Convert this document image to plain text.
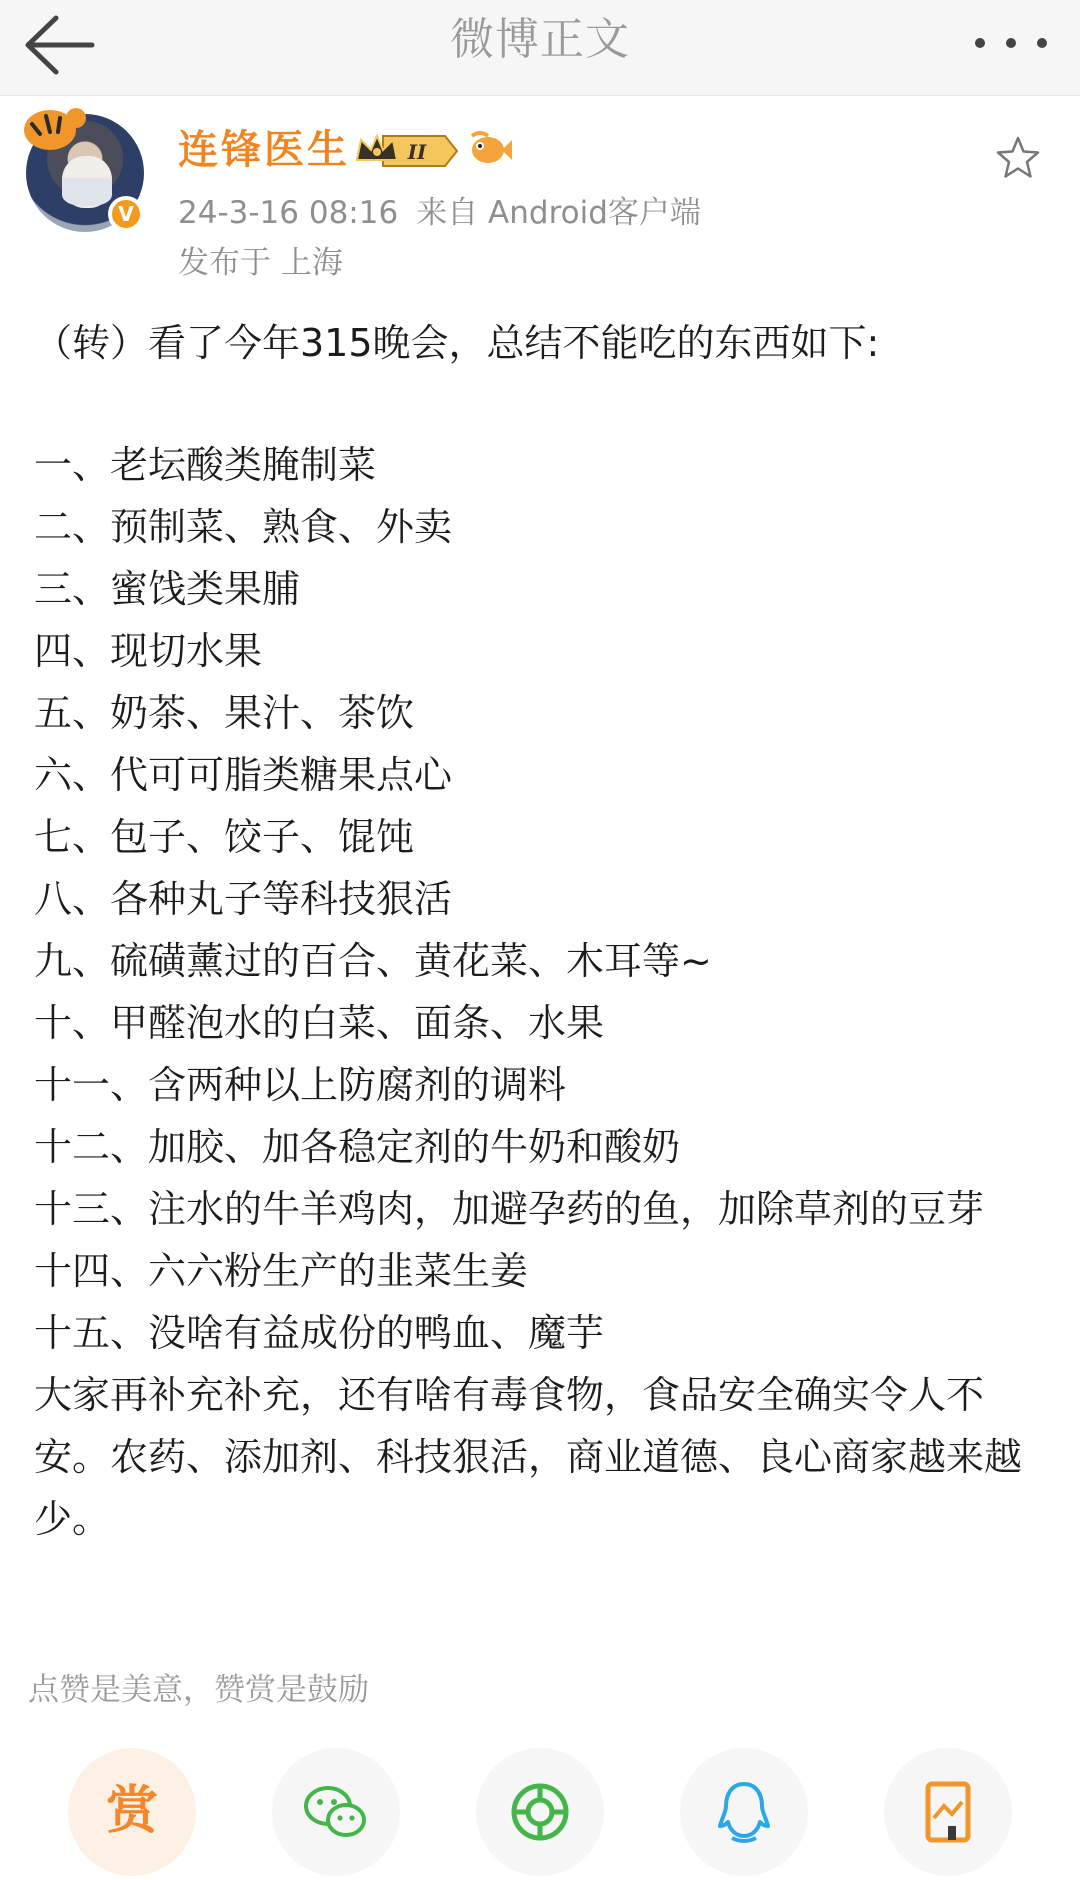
微博正文
V
连锋医生	II
24-3-16 08:16 来自 Android客户端
发布于 上海
（转）看了今年315晚会，总结不能吃的东西如下:
一、老坛酸类腌制菜
二、预制菜、熟食、外卖
三、蜜饯类果脯
四、现切水果
五、奶茶、果汁、茶饮
六、代可可脂类糖果点心
七、包子、饺子、馄饨
八、各种丸子等科技狠活
九、硫磺薰过的百合、黄花菜、木耳等~
十、甲醛泡水的白菜、面条、水果
十一、含两种以上防腐剂的调料
十二、加胶、加各稳定剂的牛奶和酸奶
十三、注水的牛羊鸡肉，加避孕药的鱼，加除草剂的豆芽
十四、六六粉生产的韭菜生姜
十五、没啥有益成份的鸭血、魔芋
大家再补充补充，还有啥有毒食物，食品安全确实令人不安。农药、添加剂、科技狠活，商业道德、良心商家越来越少。
点赞是美意，赞赏是鼓励
赏
